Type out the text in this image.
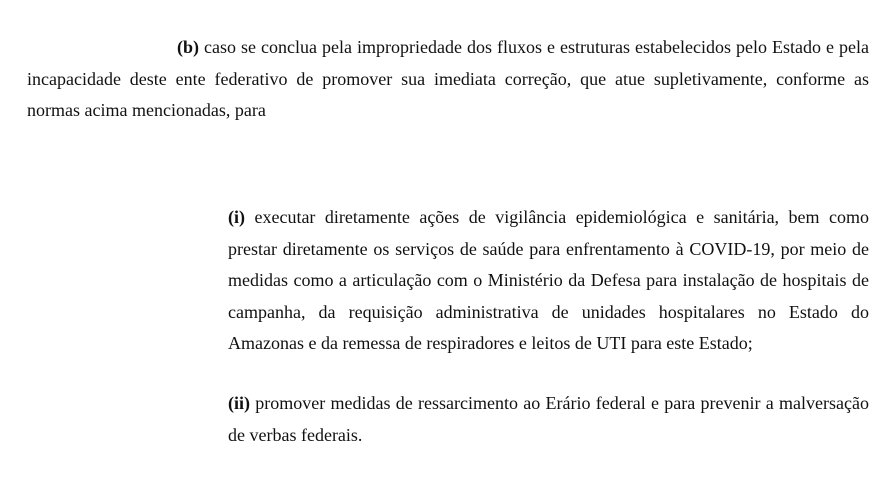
(b) caso se conclua pela impropriedade dos fluxos e estruturas estabelecidos pelo Estado e pela incapacidade deste ente federativo de promover sua imediata correção, que atue supletivamente, conforme as normas acima mencionadas, para

(i) executar diretamente ações de vigilância epidemiológica e sanitária, bem como prestar diretamente os serviços de saúde para enfrentamento à COVID-19, por meio de medidas como a articulação com o Ministério da Defesa para instalação de hospitais de campanha, da requisição administrativa de unidades hospitalares no Estado do Amazonas e da remessa de respiradores e leitos de UTI para este Estado;

(ii) promover medidas de ressarcimento ao Erário federal e para prevenir a malversação de verbas federais.
